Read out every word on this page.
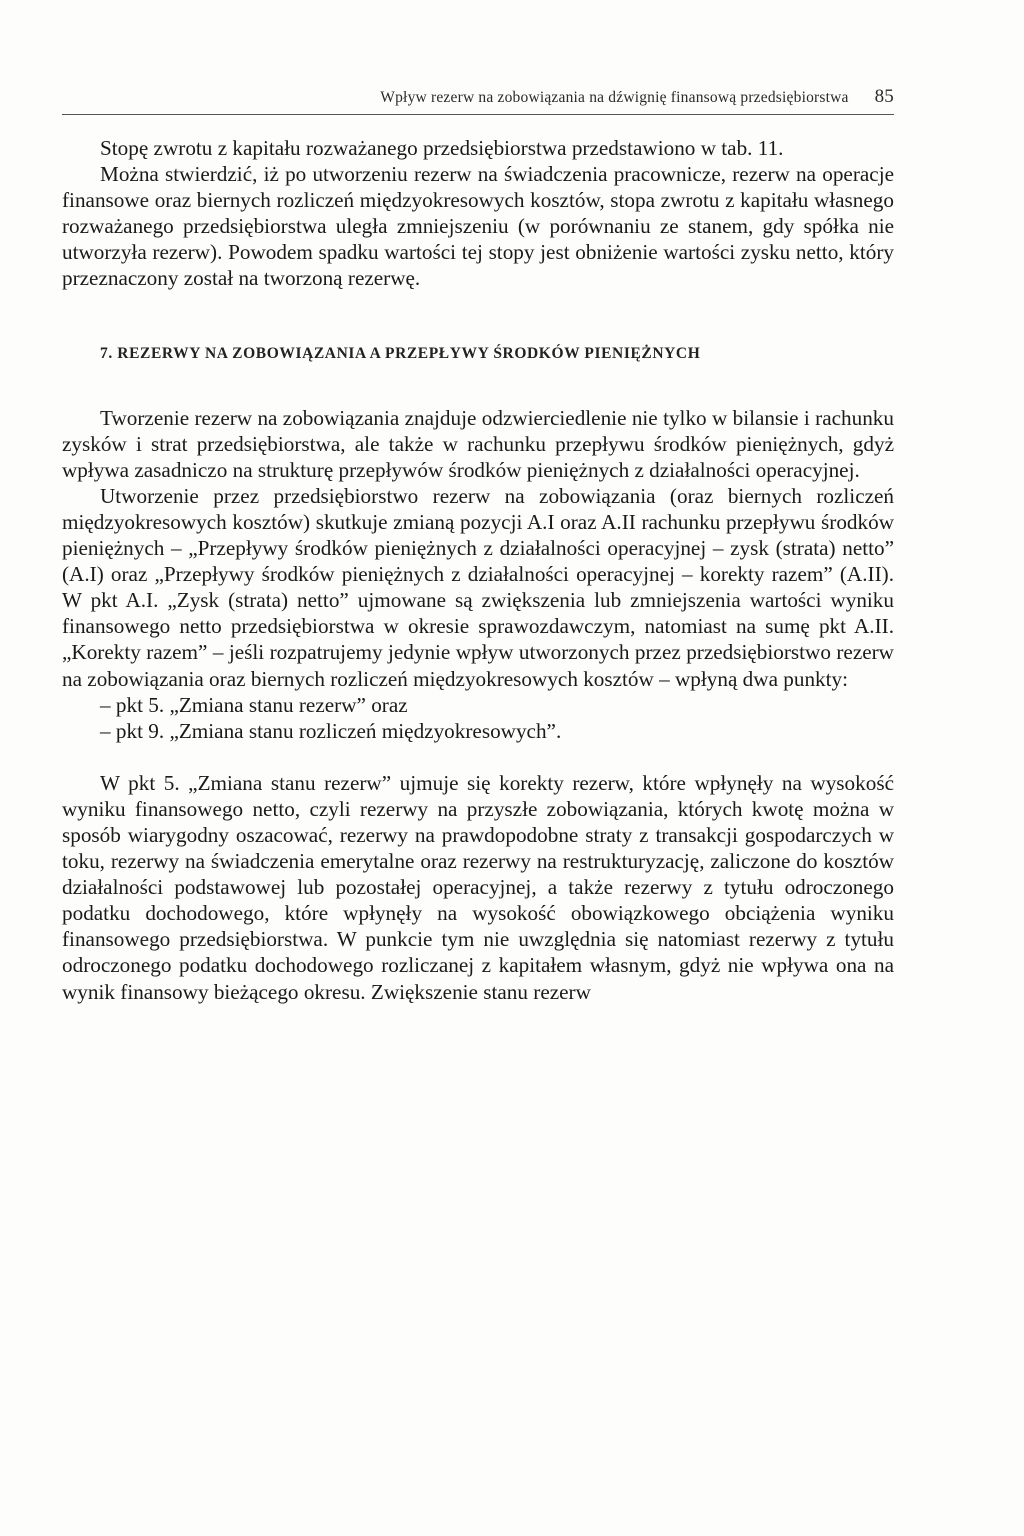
Wpływ rezerw na zobowiązania na dźwignię finansową przedsiębiorstwa 85

Stopę zwrotu z kapitału rozważanego przedsiębiorstwa przedstawiono w tab. 11.

Można stwierdzić, iż po utworzeniu rezerw na świadczenia pracownicze, rezerw na operacje finansowe oraz biernych rozliczeń międzyokresowych kosztów, stopa zwrotu z kapitału własnego rozważanego przedsiębiorstwa uległa zmniejszeniu (w porównaniu ze stanem, gdy spółka nie utworzyła rezerw). Powodem spadku wartości tej stopy jest obniżenie wartości zysku netto, który przeznaczony został na tworzoną rezerwę.

7. REZERWY NA ZOBOWIĄZANIA A PRZEPŁYWY ŚRODKÓW PIENIĘŻNYCH

Tworzenie rezerw na zobowiązania znajduje odzwierciedlenie nie tylko w bilansie i rachunku zysków i strat przedsiębiorstwa, ale także w rachunku przepływu środków pieniężnych, gdyż wpływa zasadniczo na strukturę przepływów środków pieniężnych z działalności operacyjnej.

Utworzenie przez przedsiębiorstwo rezerw na zobowiązania (oraz biernych rozliczeń międzyokresowych kosztów) skutkuje zmianą pozycji A.I oraz A.II rachunku przepływu środków pieniężnych – „Przepływy środków pieniężnych z działalności operacyjnej – zysk (strata) netto” (A.I) oraz „Przepływy środków pieniężnych z działalności operacyjnej – korekty razem” (A.II). W pkt A.I. „Zysk (strata) netto” ujmowane są zwiększenia lub zmniejszenia wartości wyniku finansowego netto przedsiębiorstwa w okresie sprawozdawczym, natomiast na sumę pkt A.II. „Korekty razem” – jeśli rozpatrujemy jedynie wpływ utworzonych przez przedsiębiorstwo rezerw na zobowiązania oraz biernych rozliczeń międzyokresowych kosztów – wpłyną dwa punkty:

– pkt 5. „Zmiana stanu rezerw” oraz
– pkt 9. „Zmiana stanu rozliczeń międzyokresowych”.

W pkt 5. „Zmiana stanu rezerw” ujmuje się korekty rezerw, które wpłynęły na wysokość wyniku finansowego netto, czyli rezerwy na przyszłe zobowiązania, których kwotę można w sposób wiarygodny oszacować, rezerwy na prawdopodobne straty z transakcji gospodarczych w toku, rezerwy na świadczenia emerytalne oraz rezerwy na restrukturyzację, zaliczone do kosztów działalności podstawowej lub pozostałej operacyjnej, a także rezerwy z tytułu odroczonego podatku dochodowego, które wpłynęły na wysokość obowiązkowego obciążenia wyniku finansowego przedsiębiorstwa. W punkcie tym nie uwzględnia się natomiast rezerwy z tytułu odroczonego podatku dochodowego rozliczanej z kapitałem własnym, gdyż nie wpływa ona na wynik finansowy bieżącego okresu. Zwiększenie stanu rezerw
